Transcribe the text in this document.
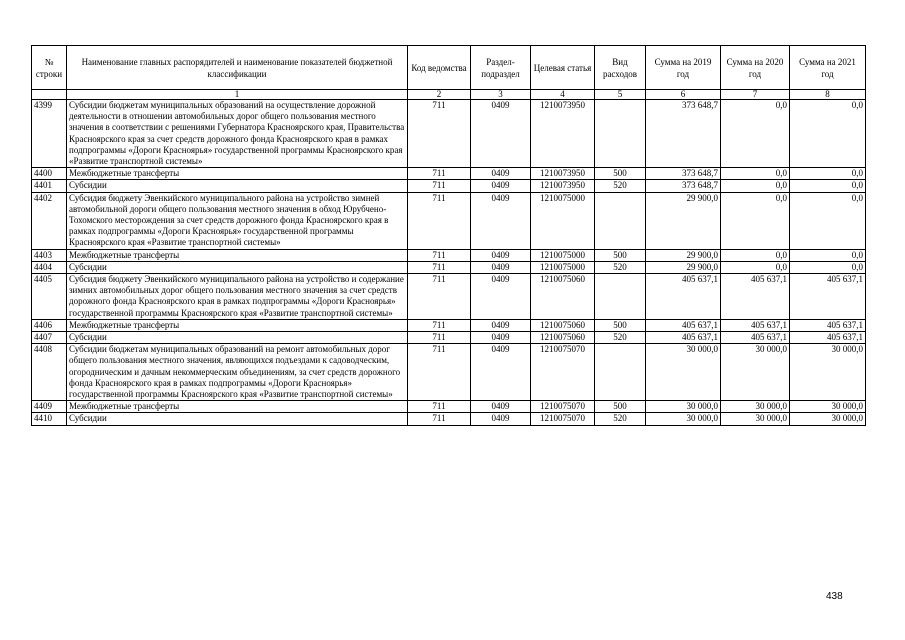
№ строки	Наименование главных распорядителей и наименование показателей бюджетной классификации	Код ведомства	Раздел-подраздел	Целевая статья	Вид расходов	Сумма на 2019 год	Сумма на 2020 год	Сумма на 2021 год
	1	2	3	4	5	6	7	8
4399	Субсидии бюджетам муниципальных образований на осуществление дорожной деятельности в отношении автомобильных дорог общего пользования местного значения в соответствии с решениями Губернатора Красноярского края, Правительства Красноярского края за счет средств дорожного фонда Красноярского края в рамках подпрограммы «Дороги Красноярья» государственной программы Красноярского края «Развитие транспортной системы»	711	0409	1210073950		373 648,7	0,0	0,0
4400	Межбюджетные трансферты	711	0409	1210073950	500	373 648,7	0,0	0,0
4401	Субсидии	711	0409	1210073950	520	373 648,7	0,0	0,0
4402	Субсидия бюджету Эвенкийского муниципального района на устройство зимней автомобильной дороги общего пользования местного значения в обход Юрубчено-Тохомского месторождения за счет средств дорожного фонда Красноярского края в рамках подпрограммы «Дороги Красноярья» государственной программы Красноярского края «Развитие транспортной системы»	711	0409	1210075000		29 900,0	0,0	0,0
4403	Межбюджетные трансферты	711	0409	1210075000	500	29 900,0	0,0	0,0
4404	Субсидии	711	0409	1210075000	520	29 900,0	0,0	0,0
4405	Субсидия бюджету Эвенкийского муниципального района на устройство и содержание зимних автомобильных дорог общего пользования местного значения за счет средств дорожного фонда Красноярского края в рамках подпрограммы «Дороги Красноярья» государственной программы Красноярского края «Развитие транспортной системы»	711	0409	1210075060		405 637,1	405 637,1	405 637,1
4406	Межбюджетные трансферты	711	0409	1210075060	500	405 637,1	405 637,1	405 637,1
4407	Субсидии	711	0409	1210075060	520	405 637,1	405 637,1	405 637,1
4408	Субсидии бюджетам муниципальных образований на ремонт автомобильных дорог общего пользования местного значения, являющихся подъездами к садоводческим, огородническим и дачным некоммерческим объединениям, за счет средств дорожного фонда Красноярского края в рамках подпрограммы «Дороги Красноярья» государственной программы Красноярского края «Развитие транспортной системы»	711	0409	1210075070		30 000,0	30 000,0	30 000,0
4409	Межбюджетные трансферты	711	0409	1210075070	500	30 000,0	30 000,0	30 000,0
4410	Субсидии	711	0409	1210075070	520	30 000,0	30 000,0	30 000,0
438
